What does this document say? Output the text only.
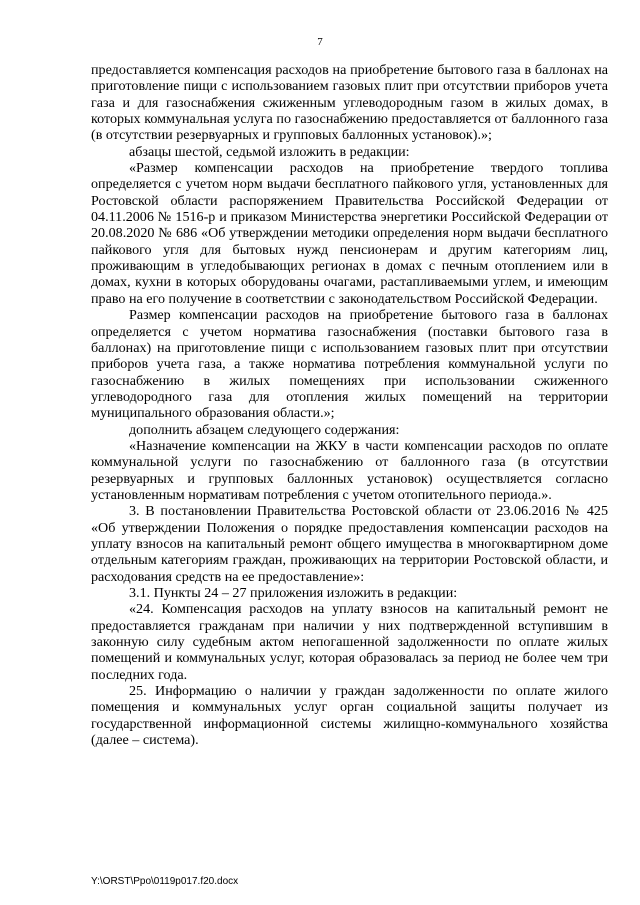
7

предоставляется компенсация расходов на приобретение бытового газа в баллонах на приготовление пищи с использованием газовых плит при отсутствии приборов учета газа и для газоснабжения сжиженным углеводородным газом в жилых домах, в которых коммунальная услуга по газоснабжению предоставляется от баллонного газа (в отсутствии резервуарных и групповых баллонных установок).»;

абзацы шестой, седьмой изложить в редакции:

«Размер компенсации расходов на приобретение твердого топлива определяется с учетом норм выдачи бесплатного пайкового угля, установленных для Ростовской области распоряжением Правительства Российской Федерации от 04.11.2006 № 1516-р и приказом Министерства энергетики Российской Федерации от 20.08.2020 № 686 «Об утверждении методики определения норм выдачи бесплатного пайкового угля для бытовых нужд пенсионерам и другим категориям лиц, проживающим в угледобывающих регионах в домах с печным отоплением или в домах, кухни в которых оборудованы очагами, растапливаемыми углем, и имеющим право на его получение в соответствии с законодательством Российской Федерации.

Размер компенсации расходов на приобретение бытового газа в баллонах определяется с учетом норматива газоснабжения (поставки бытового газа в баллонах) на приготовление пищи с использованием газовых плит при отсутствии приборов учета газа, а также норматива потребления коммунальной услуги по газоснабжению в жилых помещениях при использовании сжиженного углеводородного газа для отопления жилых помещений на территории муниципального образования области.»;

дополнить абзацем следующего содержания:

«Назначение компенсации на ЖКУ в части компенсации расходов по оплате коммунальной услуги по газоснабжению от баллонного газа (в отсутствии резервуарных и групповых баллонных установок) осуществляется согласно установленным нормативам потребления с учетом отопительного периода.».

3. В постановлении Правительства Ростовской области от 23.06.2016 № 425 «Об утверждении Положения о порядке предоставления компенсации расходов на уплату взносов на капитальный ремонт общего имущества в многоквартирном доме отдельным категориям граждан, проживающих на территории Ростовской области, и расходования средств на ее предоставление»:

3.1. Пункты 24 – 27 приложения изложить в редакции:

«24. Компенсация расходов на уплату взносов на капитальный ремонт не предоставляется гражданам при наличии у них подтвержденной вступившим в законную силу судебным актом непогашенной задолженности по оплате жилых помещений и коммунальных услуг, которая образовалась за период не более чем три последних года.

25. Информацию о наличии у граждан задолженности по оплате жилого помещения и коммунальных услуг орган социальной защиты получает из государственной информационной системы жилищно-коммунального хозяйства (далее – система).

Y:\ORST\Ppo\0119p017.f20.docx
